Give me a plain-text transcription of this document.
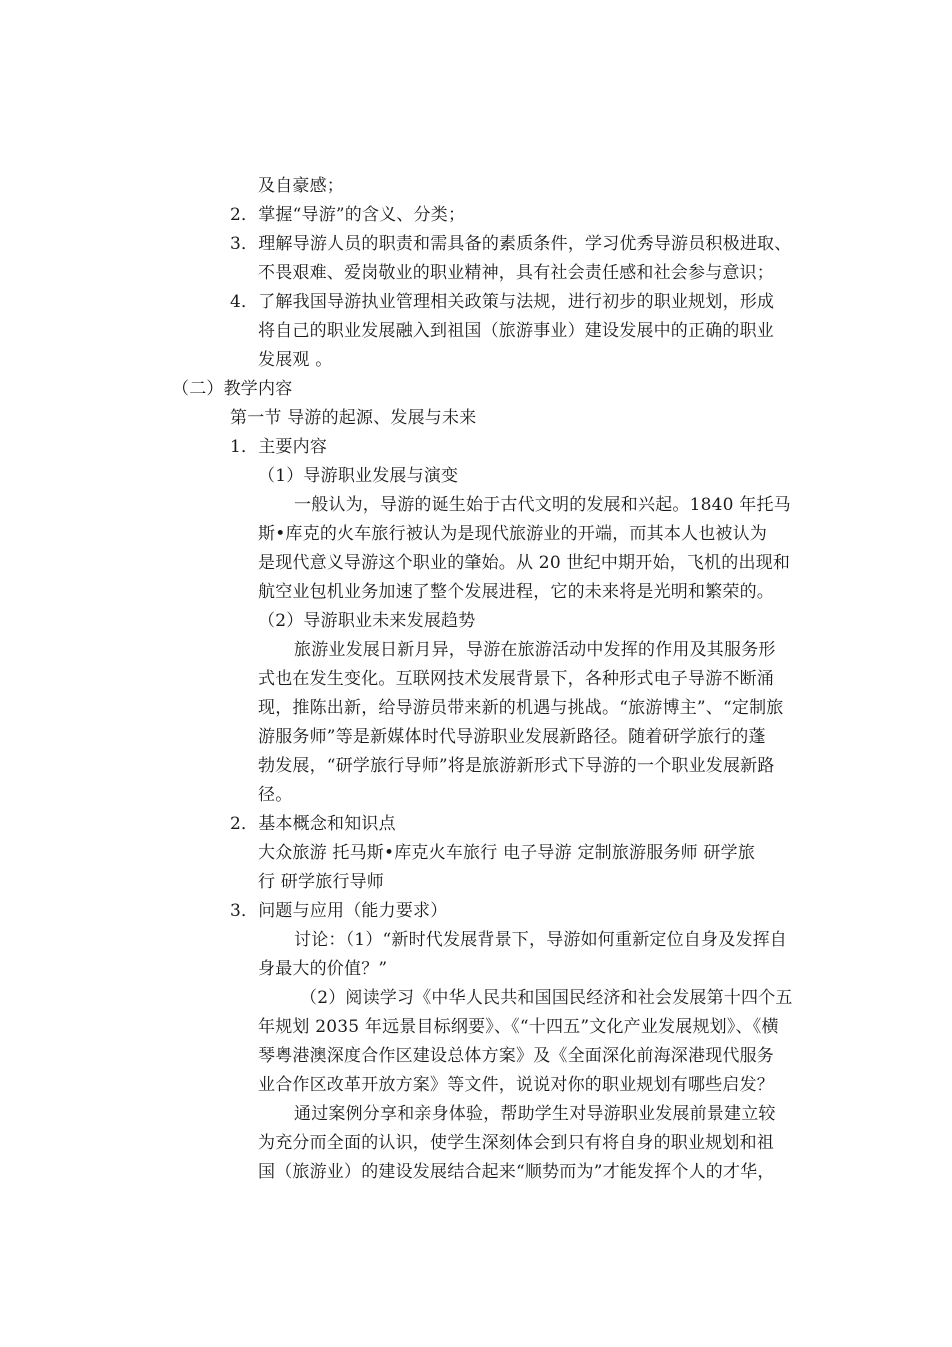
及自豪感；
2．掌握“导游”的含义、分类；
3．理解导游人员的职责和需具备的素质条件，学习优秀导游员积极进取、
不畏艰难、爱岗敬业的职业精神，具有社会责任感和社会参与意识；
4．了解我国导游执业管理相关政策与法规，进行初步的职业规划，形成
将自己的职业发展融入到祖国（旅游事业）建设发展中的正确的职业
发展观 。
（二）教学内容
第一节 导游的起源、发展与未来
1．主要内容
（1）导游职业发展与演变
一般认为，导游的诞生始于古代文明的发展和兴起。1840 年托马
斯•库克的火车旅行被认为是现代旅游业的开端，而其本人也被认为
是现代意义导游这个职业的肇始。从 20 世纪中期开始，飞机的出现和
航空业包机业务加速了整个发展进程，它的未来将是光明和繁荣的。
（2）导游职业未来发展趋势
旅游业发展日新月异，导游在旅游活动中发挥的作用及其服务形
式也在发生变化。互联网技术发展背景下，各种形式电子导游不断涌
现，推陈出新，给导游员带来新的机遇与挑战。“旅游博主”、“定制旅
游服务师”等是新媒体时代导游职业发展新路径。随着研学旅行的蓬
勃发展，“研学旅行导师”将是旅游新形式下导游的一个职业发展新路
径。
2．基本概念和知识点
大众旅游 托马斯•库克火车旅行 电子导游 定制旅游服务师 研学旅
行 研学旅行导师
3．问题与应用（能力要求）
讨论：（1）“新时代发展背景下，导游如何重新定位自身及发挥自
身最大的价值？”
（2）阅读学习《中华人民共和国国民经济和社会发展第十四个五
年规划 2035 年远景目标纲要》、《“十四五”文化产业发展规划》、《横
琴粤港澳深度合作区建设总体方案》及《全面深化前海深港现代服务
业合作区改革开放方案》等文件，说说对你的职业规划有哪些启发？
通过案例分享和亲身体验，帮助学生对导游职业发展前景建立较
为充分而全面的认识，使学生深刻体会到只有将自身的职业规划和祖
国（旅游业）的建设发展结合起来“顺势而为”才能发挥个人的才华，
